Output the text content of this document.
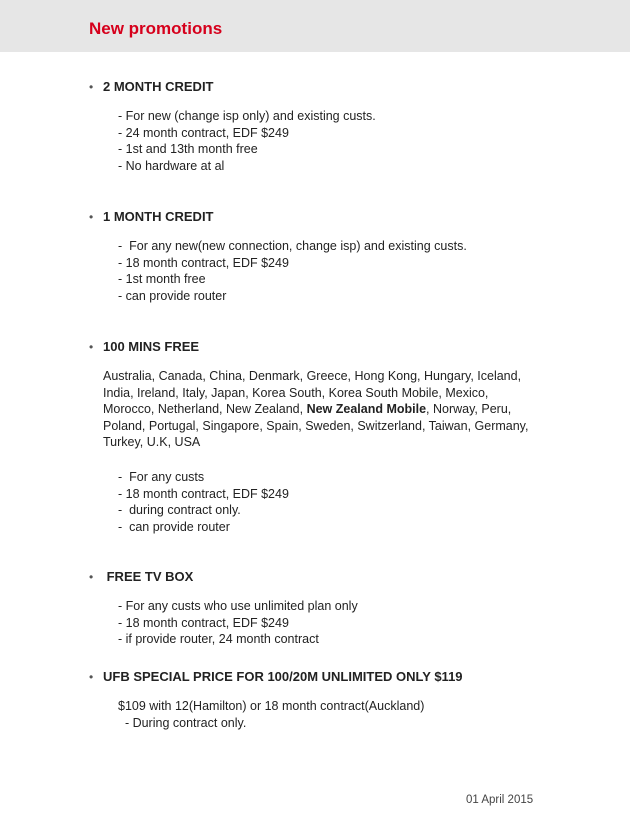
New promotions
• 2 MONTH CREDIT
- For new (change isp only) and existing custs.
- 24 month contract, EDF $249
- 1st and 13th month free
- No hardware at al
• 1 MONTH CREDIT
-  For any new(new connection, change isp) and existing custs.
- 18 month contract, EDF $249
- 1st month free
- can provide router
• 100 MINS FREE
Australia, Canada, China, Denmark, Greece, Hong Kong, Hungary, Iceland, India, Ireland, Italy, Japan, Korea South, Korea South Mobile, Mexico, Morocco, Netherland, New Zealand, New Zealand Mobile, Norway, Peru, Poland, Portugal, Singapore, Spain, Sweden, Switzerland, Taiwan, Germany, Turkey, U.K, USA
-  For any custs
- 18 month contract, EDF $249
-  during contract only.
-  can provide router
• FREE TV BOX
- For any custs who use unlimited plan only
- 18 month contract, EDF $249
- if provide router, 24 month contract
• UFB SPECIAL PRICE FOR 100/20M UNLIMITED ONLY $119
$109 with 12(Hamilton) or 18 month contract(Auckland)
- During contract only.
01 April 2015
